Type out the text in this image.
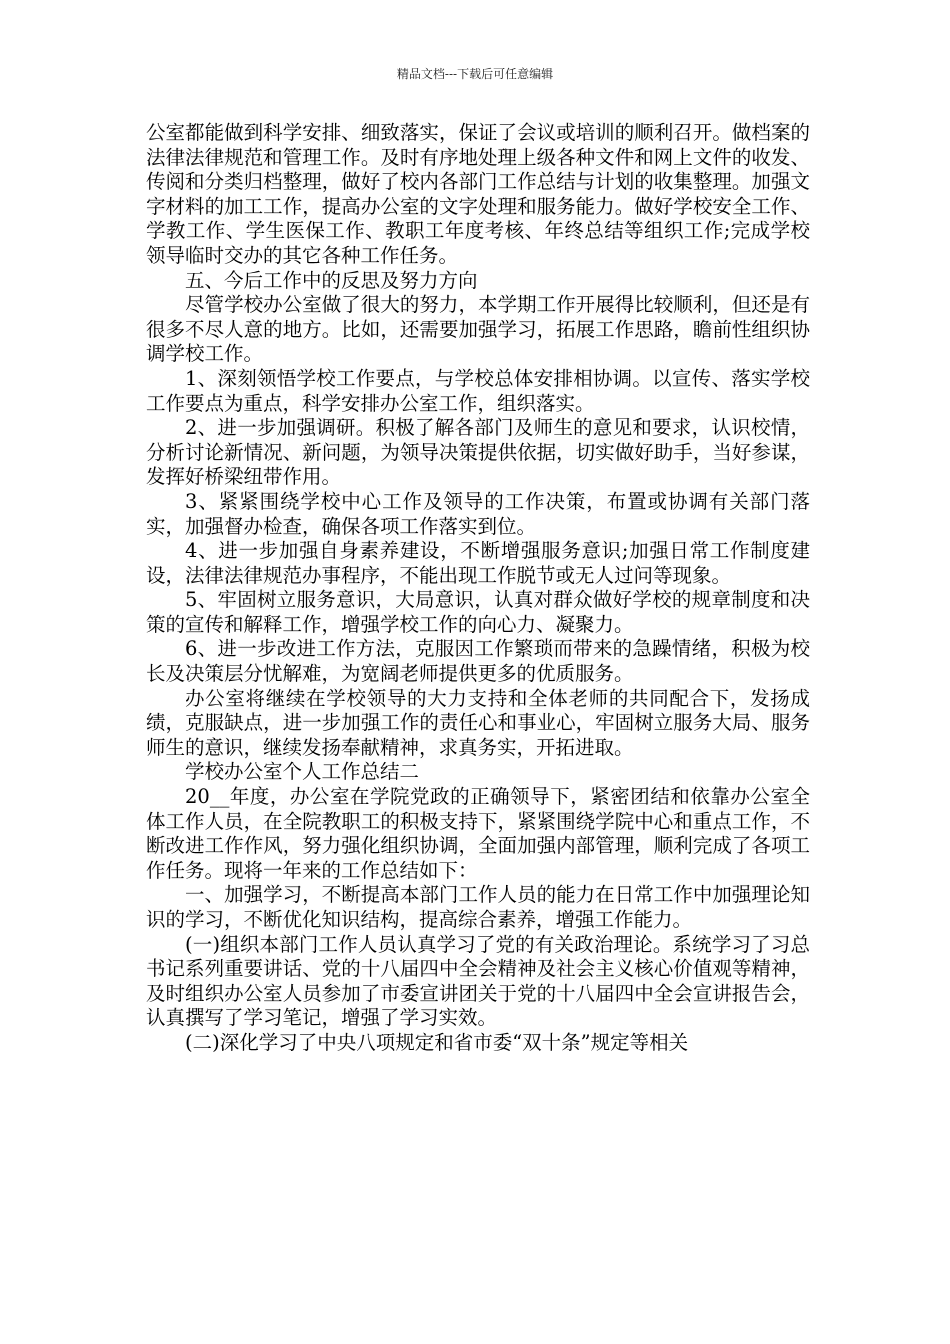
精品文档---下载后可任意编辑

公室都能做到科学安排、细致落实，保证了会议或培训的顺利召开。做档案的法律法律规范和管理工作。及时有序地处理上级各种文件和网上文件的收发、传阅和分类归档整理，做好了校内各部门工作总结与计划的收集整理。加强文字材料的加工工作，提高办公室的文字处理和服务能力。做好学校安全工作、学教工作、学生医保工作、教职工年度考核、年终总结等组织工作;完成学校领导临时交办的其它各种工作任务。

五、今后工作中的反思及努力方向

尽管学校办公室做了很大的努力，本学期工作开展得比较顺利，但还是有很多不尽人意的地方。比如，还需要加强学习，拓展工作思路，瞻前性组织协调学校工作。

1、深刻领悟学校工作要点，与学校总体安排相协调。以宣传、落实学校工作要点为重点，科学安排办公室工作，组织落实。

2、进一步加强调研。积极了解各部门及师生的意见和要求，认识校情，分析讨论新情况、新问题，为领导决策提供依据，切实做好助手，当好参谋，发挥好桥梁纽带作用。

3、紧紧围绕学校中心工作及领导的工作决策，布置或协调有关部门落实，加强督办检查，确保各项工作落实到位。

4、进一步加强自身素养建设，不断增强服务意识;加强日常工作制度建设，法律法律规范办事程序，不能出现工作脱节或无人过问等现象。

5、牢固树立服务意识，大局意识，认真对群众做好学校的规章制度和决策的宣传和解释工作，增强学校工作的向心力、凝聚力。

6、进一步改进工作方法，克服因工作繁琐而带来的急躁情绪，积极为校长及决策层分忧解难，为宽阔老师提供更多的优质服务。

办公室将继续在学校领导的大力支持和全体老师的共同配合下，发扬成绩，克服缺点，进一步加强工作的责任心和事业心，牢固树立服务大局、服务师生的意识，继续发扬奉献精神，求真务实，开拓进取。

学校办公室个人工作总结二

20__年度，办公室在学院党政的正确领导下，紧密团结和依靠办公室全体工作人员，在全院教职工的积极支持下，紧紧围绕学院中心和重点工作，不断改进工作作风，努力强化组织协调，全面加强内部管理，顺利完成了各项工作任务。现将一年来的工作总结如下：

一、加强学习，不断提高本部门工作人员的能力在日常工作中加强理论知识的学习，不断优化知识结构，提高综合素养，增强工作能力。

(一)组织本部门工作人员认真学习了党的有关政治理论。系统学习了习总书记系列重要讲话、党的十八届四中全会精神及社会主义核心价值观等精神，及时组织办公室人员参加了市委宣讲团关于党的十八届四中全会宣讲报告会，认真撰写了学习笔记，增强了学习实效。

(二)深化学习了中央八项规定和省市委“双十条”规定等相关
